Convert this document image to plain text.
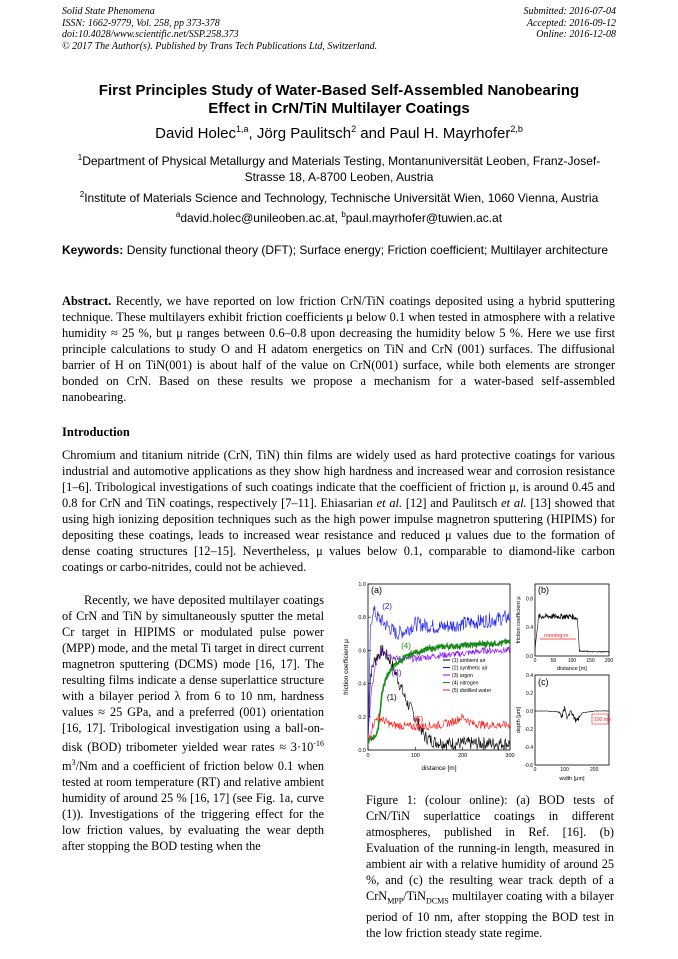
Solid State Phenomena
ISSN: 1662-9779, Vol. 258, pp 373-378
doi:10.4028/www.scientific.net/SSP.258.373
© 2017 The Author(s). Published by Trans Tech Publications Ltd, Switzerland.
Submitted: 2016-07-04
Accepted: 2016-09-12
Online: 2016-12-08
First Principles Study of Water-Based Self-Assembled Nanobearing
Effect in CrN/TiN Multilayer Coatings
David Holec$^{1,a}$, Jörg Paulitsch$^2$ and Paul H. Mayrhofer$^{2,b}$
$^1$Department of Physical Metallurgy and Materials Testing, Montanuniversität Leoben, Franz-Josef-Strasse 18, A-8700 Leoben, Austria
$^2$Institute of Materials Science and Technology, Technische Universität Wien, 1060 Vienna, Austria
$^a$david.holec@unileoben.ac.at, $^b$paul.mayrhofer@tuwien.ac.at
Keywords: Density functional theory (DFT); Surface energy; Friction coefficient; Multilayer architecture
Abstract. Recently, we have reported on low friction CrN/TiN coatings deposited using a hybrid sputtering technique. These multilayers exhibit friction coefficients μ below 0.1 when tested in atmosphere with a relative humidity ≈ 25 %, but μ ranges between 0.6–0.8 upon decreasing the humidity below 5 %. Here we use first principle calculations to study O and H adatom energetics on TiN and CrN (001) surfaces. The diffusional barrier of H on TiN(001) is about half of the value on CrN(001) surface, while both elements are stronger bonded on CrN. Based on these results we propose a mechanism for a water-based self-assembled nanobearing.
Introduction
Chromium and titanium nitride (CrN, TiN) thin films are widely used as hard protective coatings for various industrial and automotive applications as they show high hardness and increased wear and corrosion resistance [1–6]. Tribological investigations of such coatings indicate that the coefficient of friction μ, is around 0.45 and 0.8 for CrN and TiN coatings, respectively [7–11]. Ehiasarian et al. [12] and Paulitsch et al. [13] showed that using high ionizing deposition techniques such as the high power impulse magnetron sputtering (HIPIMS) for depositing these coatings, leads to increased wear resistance and reduced μ values due to the formation of dense coating structures [12–15]. Nevertheless, μ values below 0.1, comparable to diamond-like carbon coatings or carbo-nitrides, could not be achieved.
Recently, we have deposited multilayer coatings of CrN and TiN by simultaneously sputter the metal Cr target in HIPIMS or modulated pulse power (MPP) mode, and the metal Ti target in direct current magnetron sputtering (DCMS) mode [16, 17]. The resulting films indicate a dense superlattice structure with a bilayer period λ from 6 to 10 nm, hardness values ≈ 25 GPa, and a preferred (001) orientation [16, 17]. Tribological investigation using a ball-on-disk (BOD) tribometer yielded wear rates ≈ $3\cdot 10^{-16}$ $m^3/Nm$ and a coefficient of friction below 0.1 when tested at room temperature (RT) and relative ambient humidity of around 25 % [16, 17] (see Fig. 1a, curve (1)). Investigations of the triggering effect for the low friction values, by evaluating the wear depth after stopping the BOD testing when the
0.0
0.2
0.4
0.6
0.8
1.0
0	100	200	300
(a)
friction coefficient μ
distance [m]
(1)
(2)
(3)
(4)
(5)
(1) ambient air
(2) synthetic air
(3) argon
(4) nitrogen
(5) distilled water
0.0
0.4
0.8
0	50 100 150 200
(b)
friction coefficient μ
distance [m]
running-in
0.4
0.2
0.0
-0.2
-0.4
-0.6
0	100	200
(c)
depth [μm]
width [μm]
100 nm
Figure 1: (colour online): (a) BOD tests of CrN/TiN superlattice coatings in different atmospheres, published in Ref. [16]. (b) Evaluation of the running-in length, measured in ambient air with a relative humidity of around 25 %, and (c) the resulting wear track depth of a CrN$_{MPP}$/TiN$_{DCMS}$ multilayer coating with a bilayer period of 10 nm, after stopping the BOD test in the low friction steady state regime.
